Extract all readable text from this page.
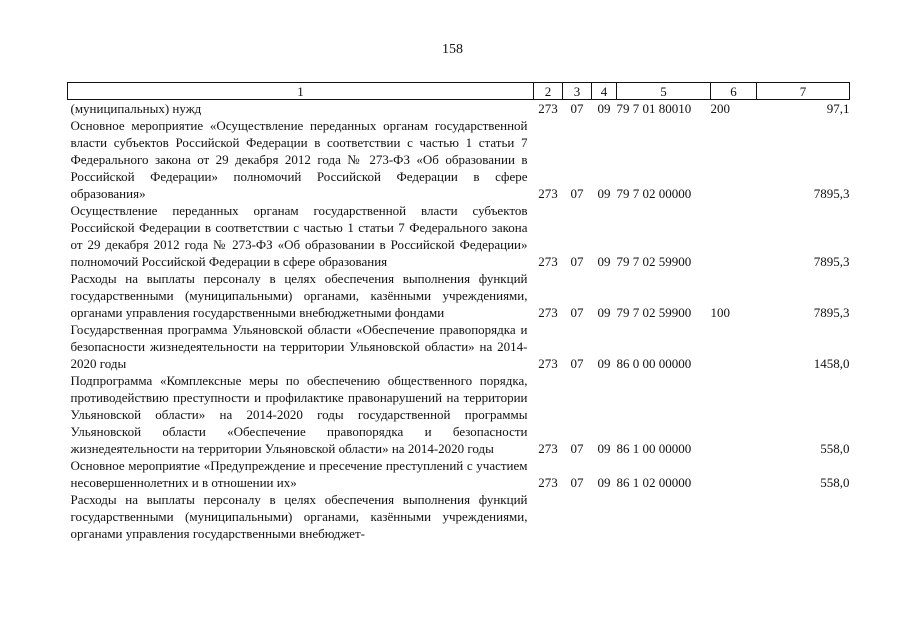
158
1	2	3	4	5	6	7
(муниципальных) нужд	273	07	09	79 7 01 80010	200	97,1
Основное мероприятие «Осуществление переданных органам государственной власти субъектов Российской Федерации в соответствии с частью 1 статьи 7 Федерального закона от 29 декабря 2012 года № 273-ФЗ «Об образовании в Российской Федерации» полномочий Российской Федерации в сфере образования»	273	07	09	79 7 02 00000		7895,3
Осуществление переданных органам государственной власти субъектов Российской Федерации в соответствии с частью 1 статьи 7 Федерального закона от 29 декабря 2012 года № 273-ФЗ «Об образовании в Российской Федерации» полномочий Российской Федерации в сфере образования	273	07	09	79 7 02 59900		7895,3
Расходы на выплаты персоналу в целях обеспечения выполнения функций государственными (муниципальными) органами, казёнными учреждениями, органами управления государственными внебюджетными фондами	273	07	09	79 7 02 59900	100	7895,3
Государственная программа Ульяновской области «Обеспечение правопорядка и безопасности жизнедеятельности на территории Ульяновской области» на 2014-2020 годы	273	07	09	86 0 00 00000		1458,0
Подпрограмма «Комплексные меры по обеспечению общественного порядка, противодействию преступности и профилактике правонарушений на территории Ульяновской области» на 2014-2020 годы государственной программы Ульяновской области «Обеспечение правопорядка и безопасности жизнедеятельности на территории Ульяновской области» на 2014-2020 годы	273	07	09	86 1 00 00000		558,0
Основное мероприятие «Предупреждение и пресечение преступлений с участием несовершеннолетних и в отношении их»	273	07	09	86 1 02 00000		558,0
Расходы на выплаты персоналу в целях обеспечения выполнения функций государственными (муниципальными) органами, казёнными учреждениями, органами управления государственными внебюджет-						
